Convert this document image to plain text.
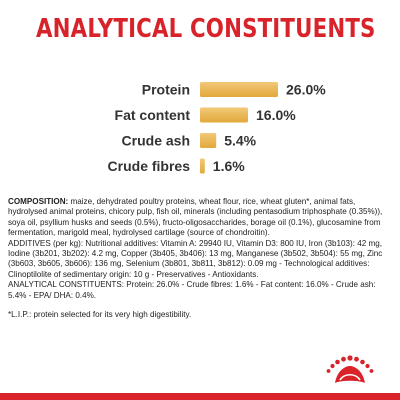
ANALYTICAL CONSTITUENTS
Protein	26.0%
Fat content	16.0%
Crude ash 5.4%
Crude fibres 1.6%

COMPOSITION: maize, dehydrated poultry proteins, wheat flour, rice, wheat gluten*, animal fats, hydrolysed animal proteins, chicory pulp, fish oil, minerals (including pentasodium triphosphate (0.35%)), soya oil, psyllium husks and seeds (0.5%), fructo-oligosaccharides, borage oil (0.1%), glucosamine from fermentation, marigold meal, hydrolysed cartilage (source of chondroitin).

ADDITIVES (per kg): Nutritional additives: Vitamin A: 29940 IU, Vitamin D3: 800 IU, Iron (3b103): 42 mg, Iodine (3b201, 3b202): 4.2 mg, Copper (3b405, 3b406): 13 mg, Manganese (3b502, 3b504): 55 mg, Zinc (3b603, 3b605, 3b606): 136 mg, Selenium (3b801, 3b811, 3b812): 0.09 mg - Technological additives: Clinoptilolite of sedimentary origin: 10 g - Preservatives - Antioxidants.

ANALYTICAL CONSTITUENTS: Protein: 26.0% - Crude fibres: 1.6% - Fat content: 16.0% - Crude ash: 5.4% - EPA/ DHA: 0.4%.

*L.I.P.: protein selected for its very high digestibility.
